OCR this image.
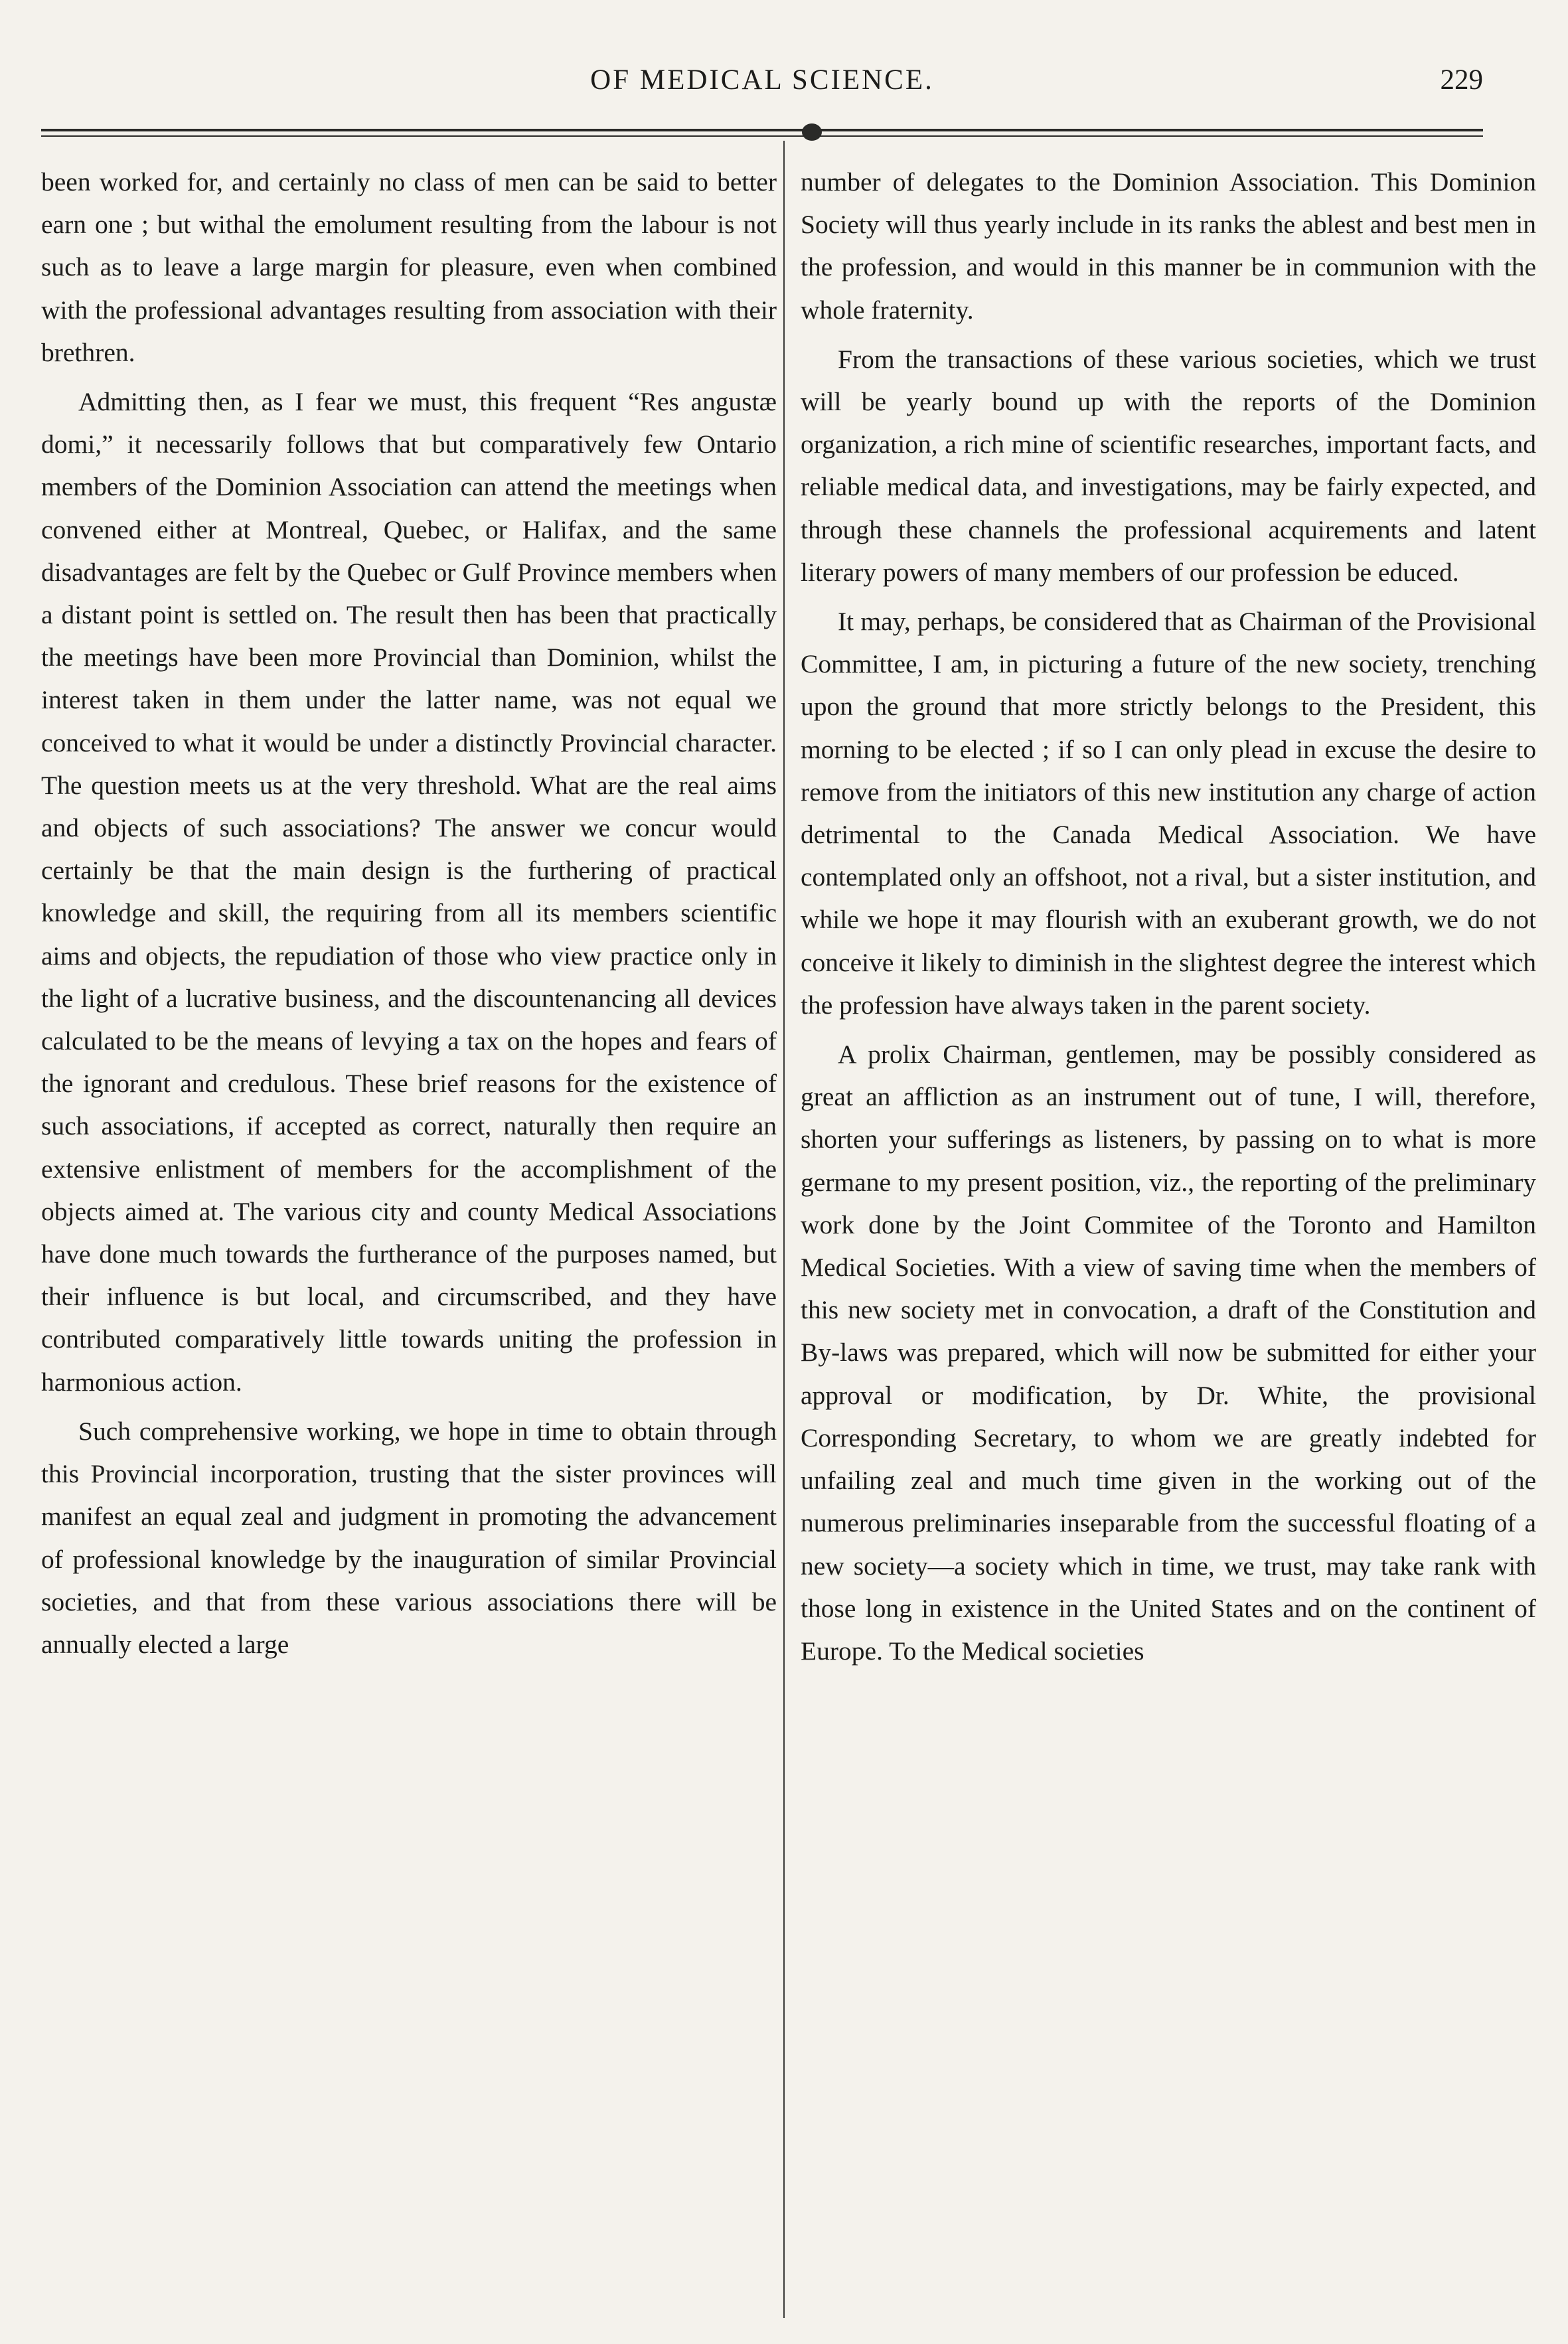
OF MEDICAL SCIENCE.	229

been worked for, and certainly no class of men can be said to better earn one ; but withal the emolument resulting from the labour is not such as to leave a large margin for pleasure, even when combined with the professional advantages resulting from association with their brethren.

Admitting then, as I fear we must, this frequent “Res angustæ domi,” it necessarily follows that but comparatively few Ontario members of the Dominion Association can attend the meetings when convened either at Montreal, Quebec, or Halifax, and the same disadvantages are felt by the Quebec or Gulf Province members when a distant point is settled on. The result then has been that practically the meetings have been more Provincial than Dominion, whilst the interest taken in them under the latter name, was not equal we conceived to what it would be under a distinctly Provincial character. The question meets us at the very threshold. What are the real aims and objects of such associations? The answer we concur would certainly be that the main design is the furthering of practical knowledge and skill, the requiring from all its members scientific aims and objects, the repudiation of those who view practice only in the light of a lucrative business, and the discountenancing all devices calculated to be the means of levying a tax on the hopes and fears of the ignorant and credulous. These brief reasons for the existence of such associations, if accepted as correct, naturally then require an extensive enlistment of members for the accomplishment of the objects aimed at. The various city and county Medical Associations have done much towards the furtherance of the purposes named, but their influence is but local, and circumscribed, and they have contributed comparatively little towards uniting the profession in harmonious action.

Such comprehensive working, we hope in time to obtain through this Provincial incorporation, trusting that the sister provinces will manifest an equal zeal and judgment in promoting the advancement of professional knowledge by the inauguration of similar Provincial societies, and that from these various associations there will be annually elected a large

number of delegates to the Dominion Association. This Dominion Society will thus yearly include in its ranks the ablest and best men in the profession, and would in this manner be in communion with the whole fraternity.

From the transactions of these various societies, which we trust will be yearly bound up with the reports of the Dominion organization, a rich mine of scientific researches, important facts, and reliable medical data, and investigations, may be fairly expected, and through these channels the professional acquirements and latent literary powers of many members of our profession be educed.

It may, perhaps, be considered that as Chairman of the Provisional Committee, I am, in picturing a future of the new society, trenching upon the ground that more strictly belongs to the President, this morning to be elected ; if so I can only plead in excuse the desire to remove from the initiators of this new institution any charge of action detrimental to the Canada Medical Association. We have contemplated only an offshoot, not a rival, but a sister institution, and while we hope it may flourish with an exuberant growth, we do not conceive it likely to diminish in the slightest degree the interest which the profession have always taken in the parent society.

A prolix Chairman, gentlemen, may be possibly considered as great an affliction as an instrument out of tune, I will, therefore, shorten your sufferings as listeners, by passing on to what is more germane to my present position, viz., the reporting of the preliminary work done by the Joint Commitee of the Toronto and Hamilton Medical Societies. With a view of saving time when the members of this new society met in convocation, a draft of the Constitution and By-laws was prepared, which will now be submitted for either your approval or modification, by Dr. White, the provisional Corresponding Secretary, to whom we are greatly indebted for unfailing zeal and much time given in the working out of the numerous preliminaries inseparable from the successful floating of a new society—a society which in time, we trust, may take rank with those long in existence in the United States and on the continent of Europe. To the Medical societies
